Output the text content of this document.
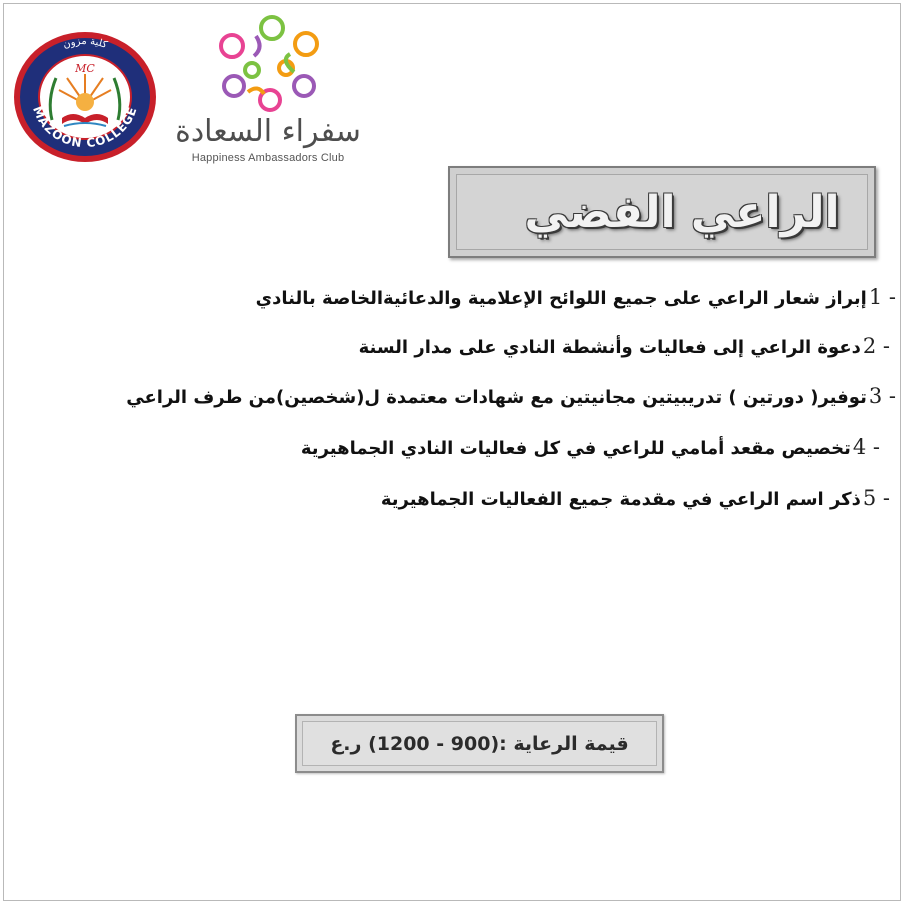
MAZOON COLLEGE
كلية مزون
MC
سفراء السعادة
Happiness Ambassadors Club
الراعي الفضي
1 -
إبراز شعار الراعي على جميع اللوائح الإعلامية والدعائيةالخاصة بالنادي
2 -
دعوة الراعي إلى فعاليات وأنشطة النادي على مدار السنة
3 -
توفير( دورتين ) تدريبيتين مجانيتين مع شهادات معتمدة ل(شخصين)من طرف الراعي
4 -
تخصيص مقعد أمامي للراعي في كل فعاليات النادي الجماهيرية
5 -
ذكر اسم الراعي في مقدمة جميع الفعاليات الجماهيرية
قيمة الرعاية :(900 - 1200) ر.ع
